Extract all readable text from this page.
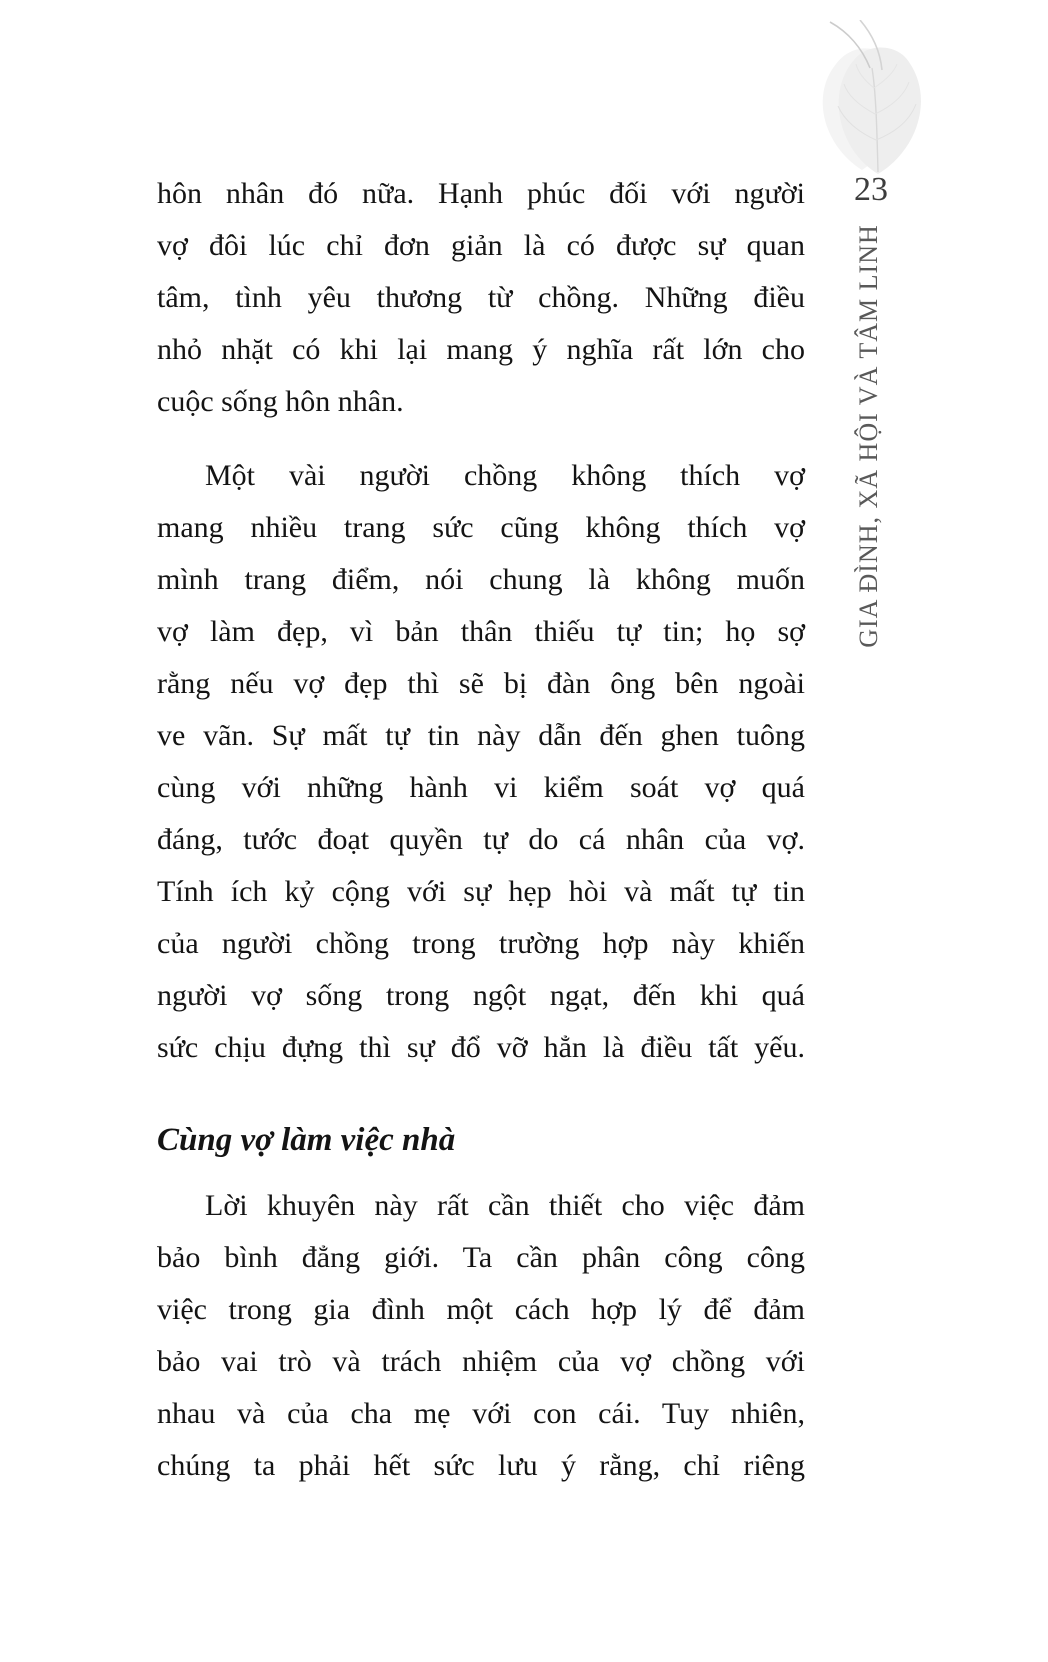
23
GIA ĐÌNH, XÃ HỘI VÀ TÂM LINH
hôn nhân đó nữa. Hạnh phúc đối với người
vợ đôi lúc chỉ đơn giản là có được sự quan
tâm, tình yêu thương từ chồng. Những điều
nhỏ nhặt có khi lại mang ý nghĩa rất lớn cho
cuộc sống hôn nhân.
Một vài người chồng không thích vợ
mang nhiều trang sức cũng không thích vợ
mình trang điểm, nói chung là không muốn
vợ làm đẹp, vì bản thân thiếu tự tin; họ sợ
rằng nếu vợ đẹp thì sẽ bị đàn ông bên ngoài
ve vãn. Sự mất tự tin này dẫn đến ghen tuông
cùng với những hành vi kiểm soát vợ quá
đáng, tước đoạt quyền tự do cá nhân của vợ.
Tính ích kỷ cộng với sự hẹp hòi và mất tự tin
của người chồng trong trường hợp này khiến
người vợ sống trong ngột ngạt, đến khi quá
sức chịu đựng thì sự đổ vỡ hẳn là điều tất yếu.
Cùng vợ làm việc nhà
Lời khuyên này rất cần thiết cho việc đảm
bảo bình đẳng giới. Ta cần phân công công
việc trong gia đình một cách hợp lý để đảm
bảo vai trò và trách nhiệm của vợ chồng với
nhau và của cha mẹ với con cái. Tuy nhiên,
chúng ta phải hết sức lưu ý rằng, chỉ riêng
